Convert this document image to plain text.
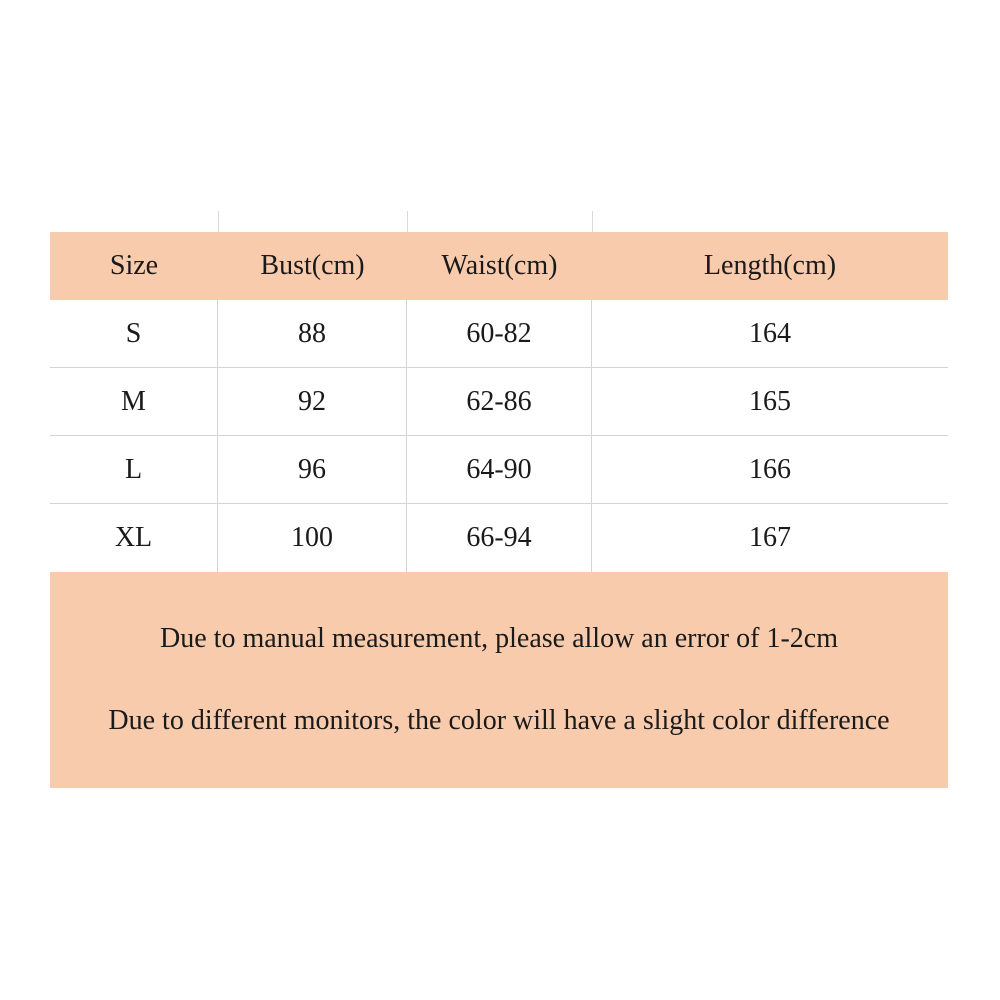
Size	Bust(cm)	Waist(cm)	Length(cm)
S	88	60-82	164
M	92	62-86	165
L	96	64-90	166
XL	100	66-94	167
Due to manual measurement, please allow an error of 1-2cm
Due to different monitors, the color will have a slight color difference
